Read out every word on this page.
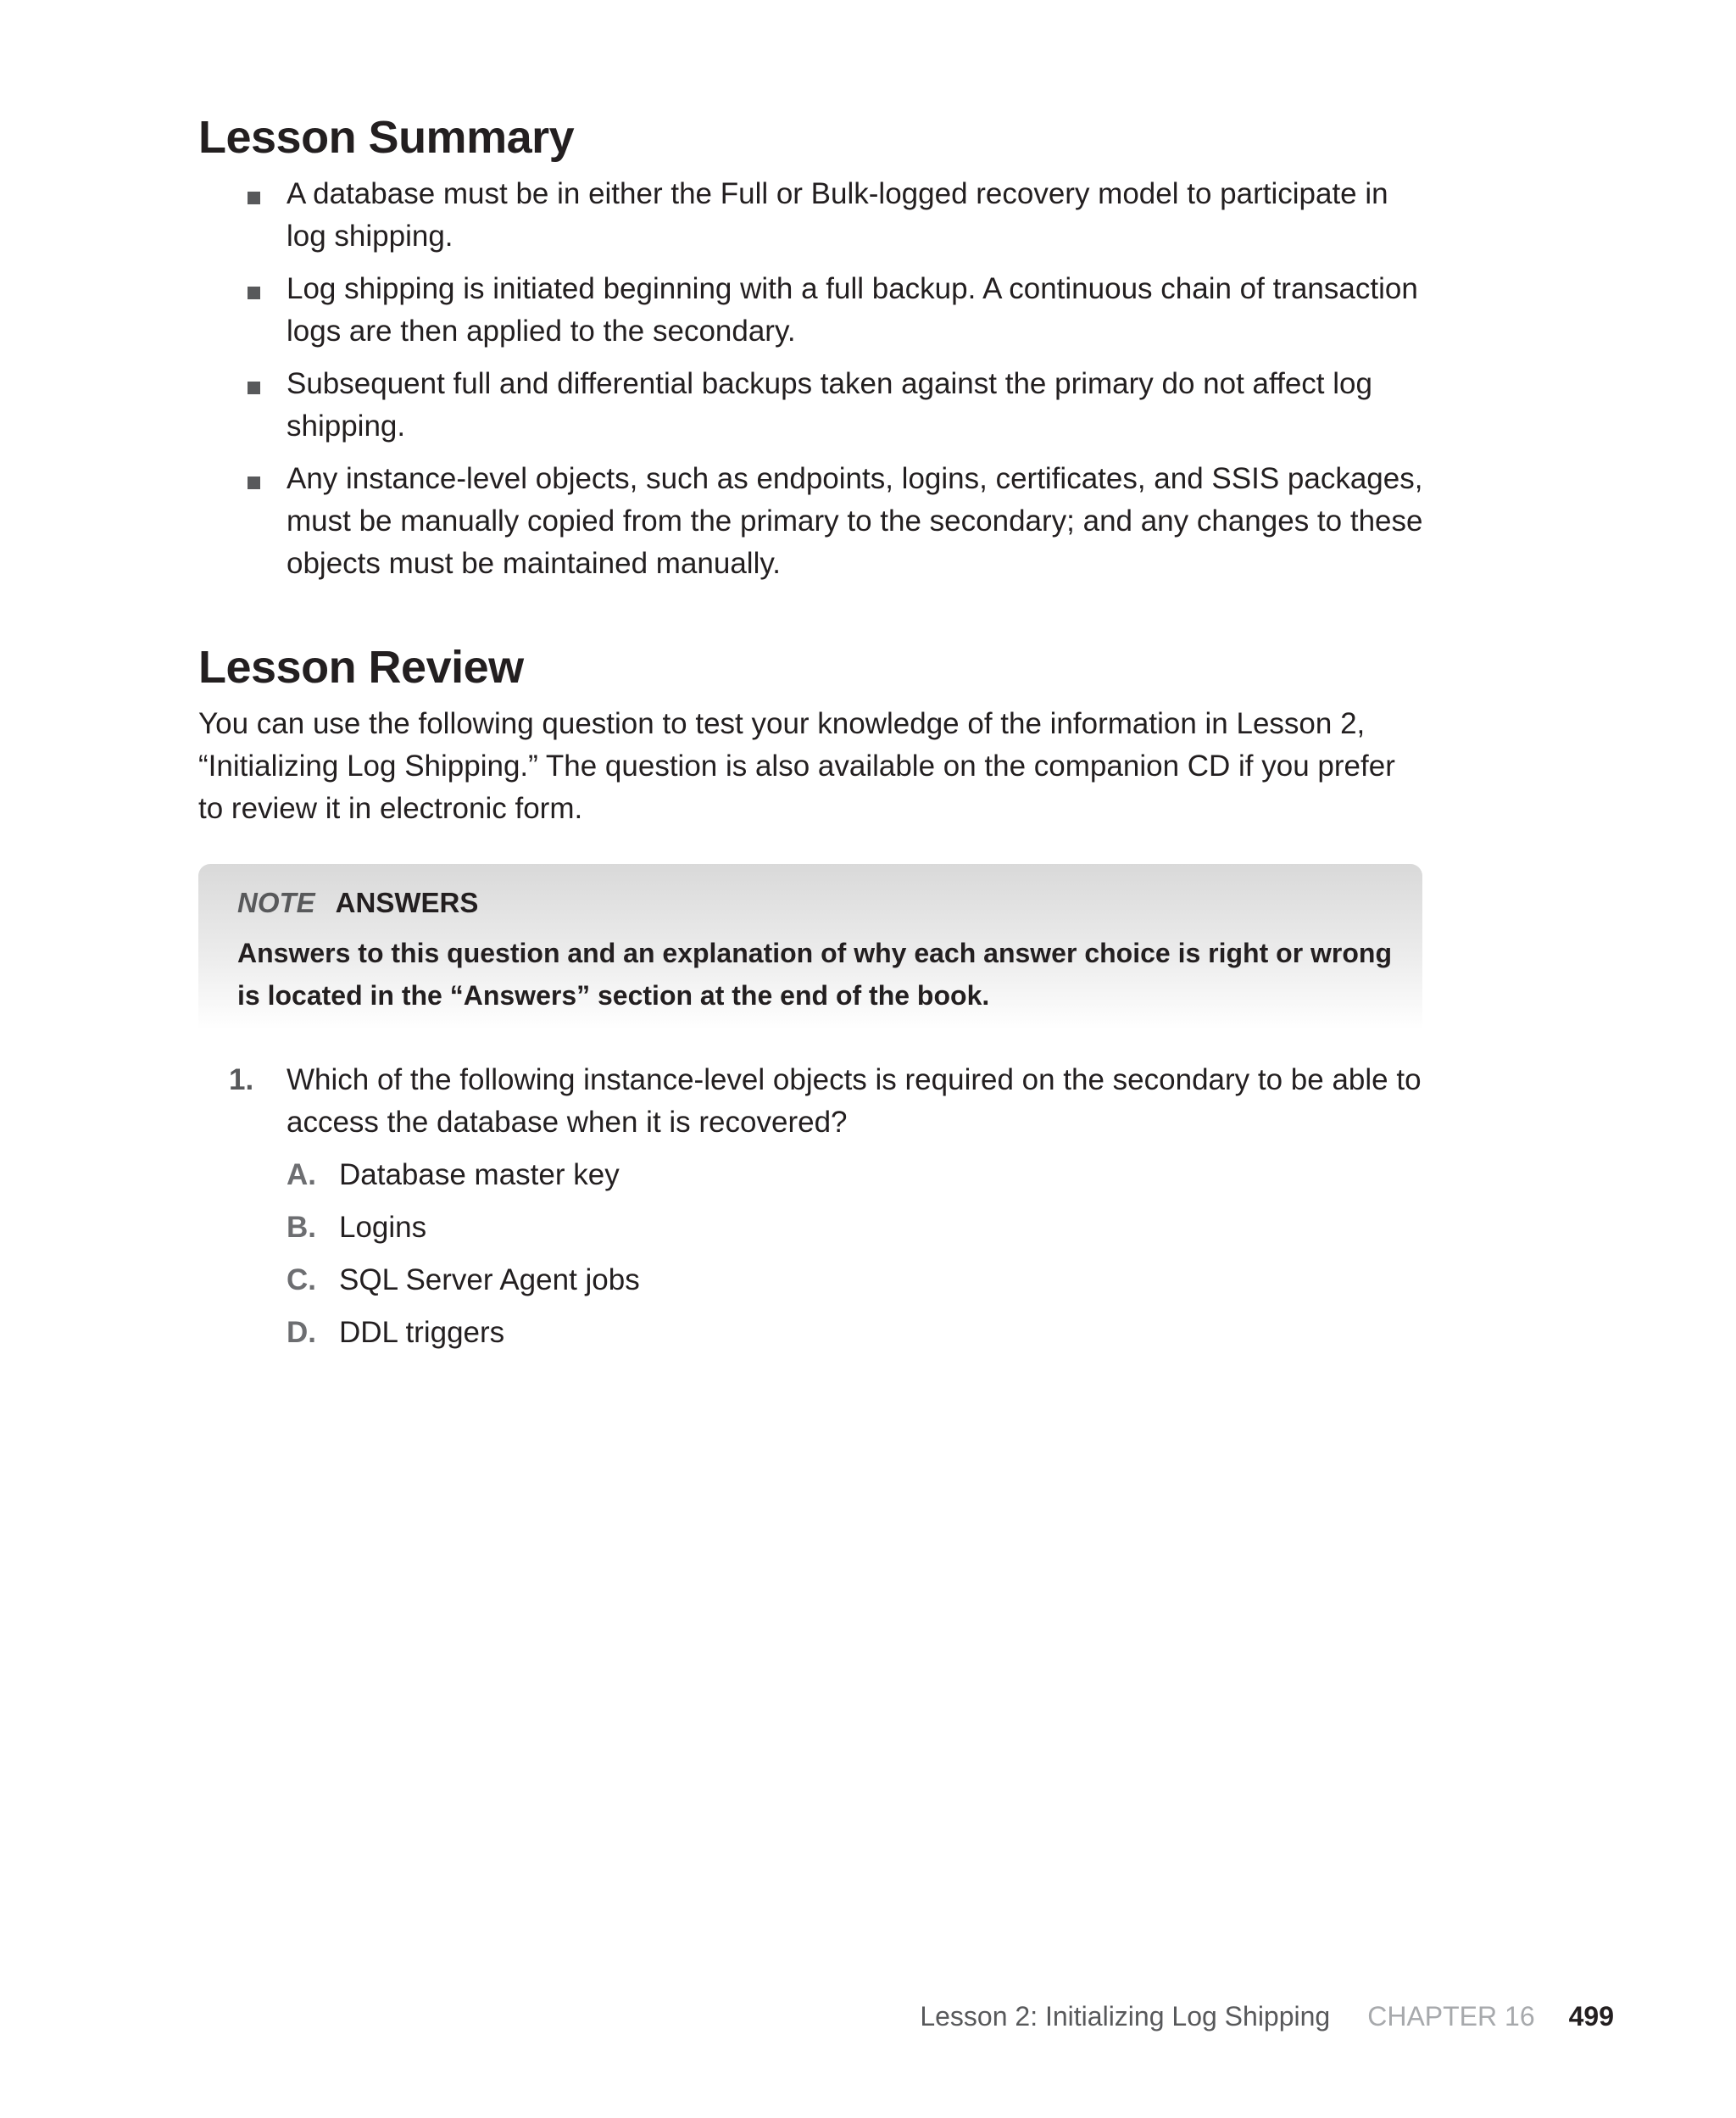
Lesson Summary
A database must be in either the Full or Bulk-logged recovery model to participate in log shipping.
Log shipping is initiated beginning with a full backup. A continuous chain of transaction logs are then applied to the secondary.
Subsequent full and differential backups taken against the primary do not affect log shipping.
Any instance-level objects, such as endpoints, logins, certificates, and SSIS packages, must be manually copied from the primary to the secondary; and any changes to these objects must be maintained manually.
Lesson Review

You can use the following question to test your knowledge of the information in Lesson 2, “Initializing Log Shipping.” The question is also available on the companion CD if you prefer to review it in electronic form.

NOTE ANSWERS
Answers to this question and an explanation of why each answer choice is right or wrong is located in the “Answers” section at the end of the book.
1. Which of the following instance-level objects is required on the secondary to be able to access the database when it is recovered?
A. Database master key
B. Logins
C. SQL Server Agent jobs
D. DDL triggers
Lesson 2: Initializing Log Shipping CHAPTER 16 499
